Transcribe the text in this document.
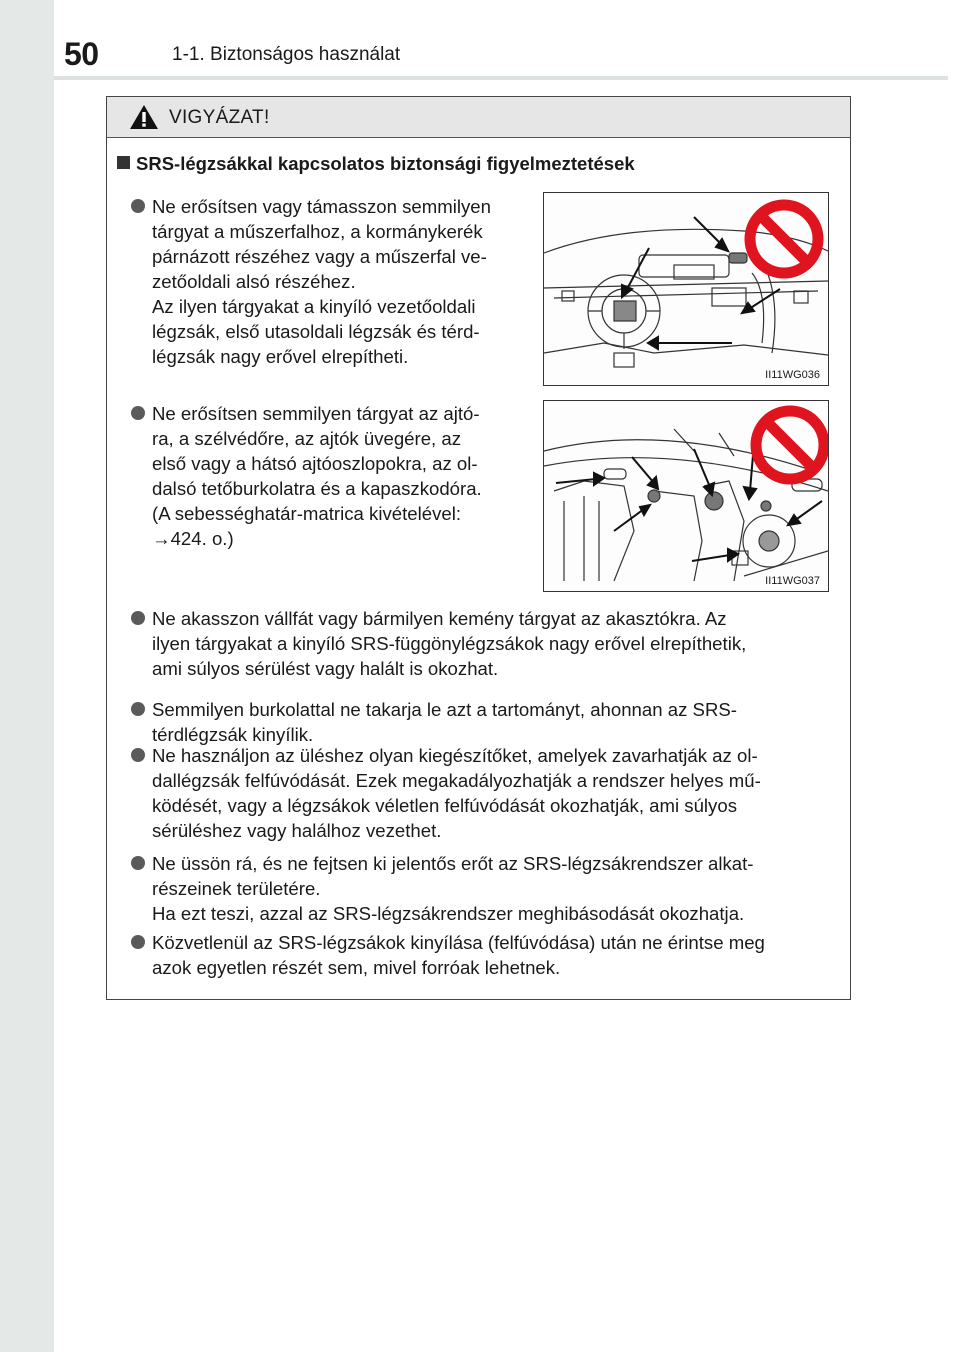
50	1-1. Biztonságos használat
VIGYÁZAT!
SRS-légzsákkal kapcsolatos biztonsági figyelmeztetések
Ne erősítsen vagy támasszon semmilyen
tárgyat a műszerfalhoz, a kormánykerék
párnázott részéhez vagy a műszerfal ve-
zetőoldali alsó részéhez.
Az ilyen tárgyakat a kinyíló vezetőoldali
légzsák, első utasoldali légzsák és térd-
légzsák nagy erővel elrepítheti.
Ne erősítsen semmilyen tárgyat az ajtó-
ra, a szélvédőre, az ajtók üvegére, az
első vagy a hátsó ajtóoszlopokra, az ol-
dalsó tetőburkolatra és a kapaszkodóra.
(A sebességhatár-matrica kivételével:
→424. o.)
Ne akasszon vállfát vagy bármilyen kemény tárgyat az akasztókra. Az
ilyen tárgyakat a kinyíló SRS-függönylégzsákok nagy erővel elrepíthetik,
ami súlyos sérülést vagy halált is okozhat.
Semmilyen burkolattal ne takarja le azt a tartományt, ahonnan az SRS-
térdlégzsák kinyílik.
Ne használjon az üléshez olyan kiegészítőket, amelyek zavarhatják az ol-
dallégzsák felfúvódását. Ezek megakadályozhatják a rendszer helyes mű-
ködését, vagy a légzsákok véletlen felfúvódását okozhatják, ami súlyos
sérüléshez vagy halálhoz vezethet.
Ne üssön rá, és ne fejtsen ki jelentős erőt az SRS-légzsákrendszer alkat-
részeinek területére.
Ha ezt teszi, azzal az SRS-légzsákrendszer meghibásodását okozhatja.
Közvetlenül az SRS-légzsákok kinyílása (felfúvódása) után ne érintse meg
azok egyetlen részét sem, mivel forróak lehetnek.
II11WG036
II11WG037
